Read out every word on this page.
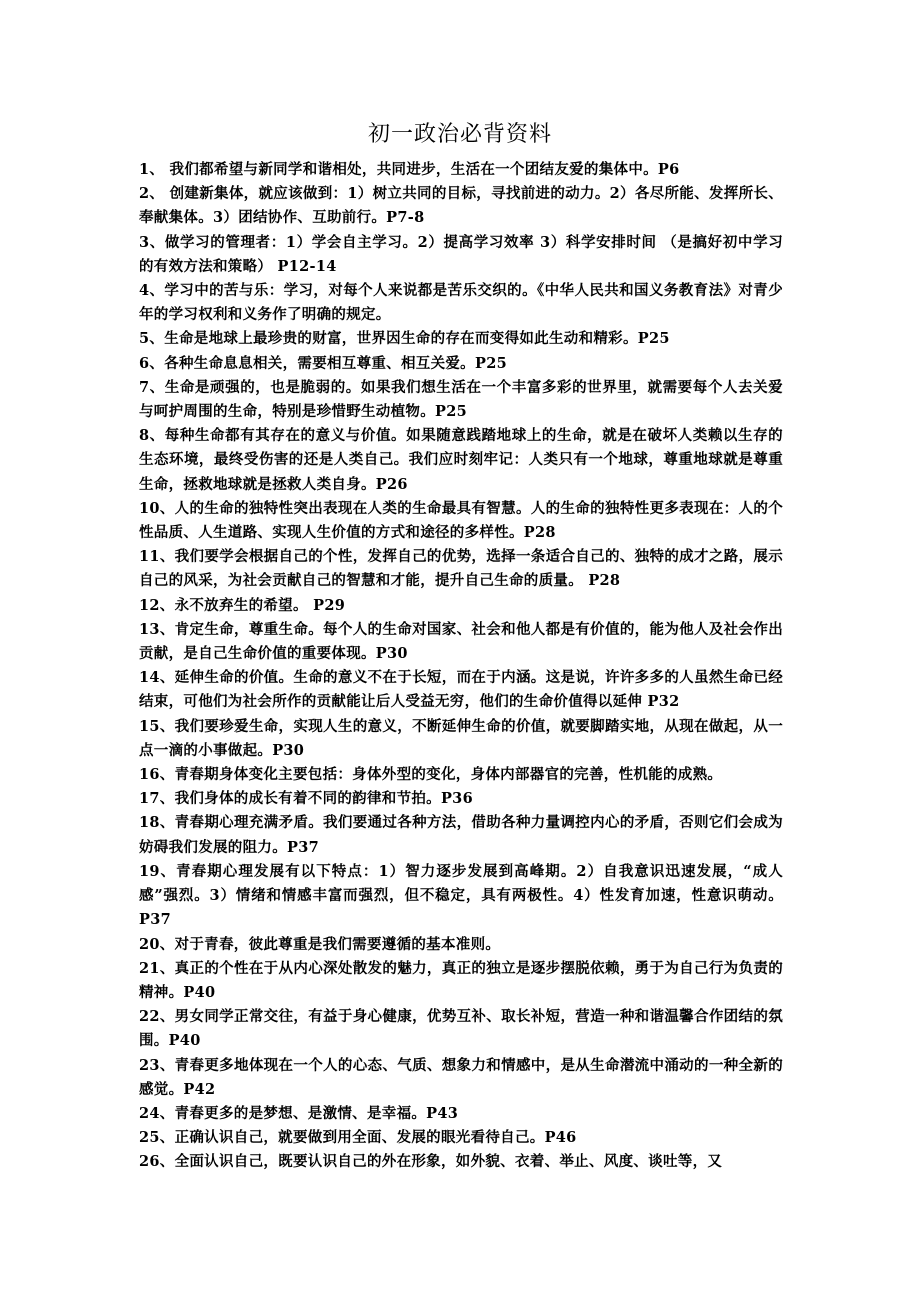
初一政治必背资料

1、 我们都希望与新同学和谐相处，共同进步，生活在一个团结友爱的集体中。P6

2、 创建新集体，就应该做到：1）树立共同的目标，寻找前进的动力。2）各尽所能、发挥所长、奉献集体。3）团结协作、互助前行。P7-8

3、做学习的管理者：1）学会自主学习。2）提高学习效率 3）科学安排时间 （是搞好初中学习的有效方法和策略） P12-14

4、学习中的苦与乐：学习，对每个人来说都是苦乐交织的。《中华人民共和国义务教育法》对青少年的学习权利和义务作了明确的规定。

5、生命是地球上最珍贵的财富，世界因生命的存在而变得如此生动和精彩。P25

6、各种生命息息相关，需要相互尊重、相互关爱。P25

7、生命是顽强的，也是脆弱的。如果我们想生活在一个丰富多彩的世界里，就需要每个人去关爱与呵护周围的生命，特别是珍惜野生动植物。P25

8、每种生命都有其存在的意义与价值。如果随意践踏地球上的生命，就是在破坏人类赖以生存的生态环境，最终受伤害的还是人类自己。我们应时刻牢记：人类只有一个地球，尊重地球就是尊重生命，拯救地球就是拯救人类自身。P26

10、人的生命的独特性突出表现在人类的生命最具有智慧。人的生命的独特性更多表现在：人的个性品质、人生道路、实现人生价值的方式和途径的多样性。P28

11、我们要学会根据自己的个性，发挥自己的优势，选择一条适合自己的、独特的成才之路，展示自己的风采，为社会贡献自己的智慧和才能，提升自己生命的质量。 P28

12、永不放弃生的希望。 P29

13、肯定生命，尊重生命。每个人的生命对国家、社会和他人都是有价值的，能为他人及社会作出贡献，是自己生命价值的重要体现。P30

14、延伸生命的价值。生命的意义不在于长短，而在于内涵。这是说，许许多多的人虽然生命已经结束，可他们为社会所作的贡献能让后人受益无穷，他们的生命价值得以延伸 P32

15、我们要珍爱生命，实现人生的意义，不断延伸生命的价值，就要脚踏实地，从现在做起，从一点一滴的小事做起。P30

16、青春期身体变化主要包括：身体外型的变化，身体内部器官的完善，性机能的成熟。

17、我们身体的成长有着不同的韵律和节拍。P36

18、青春期心理充满矛盾。我们要通过各种方法，借助各种力量调控内心的矛盾，否则它们会成为妨碍我们发展的阻力。P37

19、青春期心理发展有以下特点：1）智力逐步发展到高峰期。2）自我意识迅速发展，“成人感”强烈。3）情绪和情感丰富而强烈，但不稳定，具有两极性。4）性发育加速，性意识萌动。P37

20、对于青春，彼此尊重是我们需要遵循的基本准则。

21、真正的个性在于从内心深处散发的魅力，真正的独立是逐步摆脱依赖，勇于为自己行为负责的精神。P40

22、男女同学正常交往，有益于身心健康，优势互补、取长补短，营造一种和谐温馨合作团结的氛围。P40

23、青春更多地体现在一个人的心态、气质、想象力和情感中，是从生命潜流中涌动的一种全新的感觉。P42

24、青春更多的是梦想、是激情、是幸福。P43

25、正确认识自己，就要做到用全面、发展的眼光看待自己。P46

26、全面认识自己，既要认识自己的外在形象，如外貌、衣着、举止、风度、谈吐等，又
